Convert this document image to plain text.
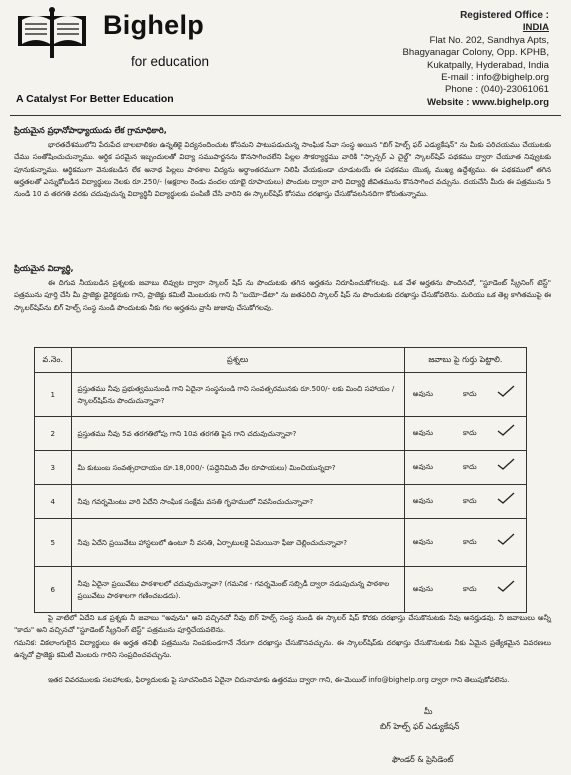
Bighelp
for education
A Catalyst For Better Education
Registered Office :
INDIA
Flat No. 202, Sandhya Apts,
Bhagyanagar Colony, Opp. KPHB,
Kukatpally, Hyderabad, India
E-mail : info@bighelp.org
Phone : (040)-23061061
Website : www.bighelp.org
ప్రియమైన ప్రధానోపాధ్యాయుడు లేక గ్రామాధికారి,
భారతదేశములోని పేరుపేద బాలబాలికల ఉన్నతికై విద్యనందించుట కోసమని పాటుపడుచున్న సాంఘిక సేవా సంస్థ అయిన "బిగ్ హెల్ప్ ఫర్ ఎడ్యుకేషన్" ను మీకు పరిచయము చేయుటకు చేము సంతోషించుచున్నాము. ఆర్థిక పరమైన ఇబ్బందులతో విద్యా సముపార్జనను కొనసాగించలేని పిల్లల సౌకర్యార్థము వారికి "స్పాన్సర్ ఎ చైల్డ్" స్కాలర్‌షిప్ పథకము ద్వారా చేయూత నివ్వుటకు పూనుకున్నాము. ఆర్థికముగా వెనుకబడిన లేక అనాథ పిల్లలు పాఠశాల విద్యను అర్థాంతరముగా నిలిపి వేయకుండా చూడుటయే ఈ పథకము యొక్క ముఖ్య ఉద్దేశ్యము. ఈ పథకములో తగిన అర్హతలతో ఎన్నుకోబడిన విద్యార్థులు నెలకు రూ.250/- (అక్షరాల రెండు వందల యాభై రూపాయలు) పొందుట ద్వారా వారి విద్యార్థి జీవితమును కొనసాగించ వచ్చును. దయచేసి మీరు ఈ పత్రమును 5 నుండి 10 వ తరగతి వరకు చదువుచున్న విద్యార్థినీ విద్యార్థులకు పంపిణీ చేసి వారిని ఈ స్కాలర్‌షిప్ కోసము దరఖాస్తు చేసుకోవలసినదిగా కోరుతున్నాము.
ప్రియమైన విద్యార్థి,
ఈ దిగువ నీయబడిన ప్రశ్నలకు జవాబు లివ్వుట ద్వారా స్కాలర్ షిప్ ను పొందుటకు తగిన అర్హతను నిరూపించుకోగలవు. ఒక వేళ అర్హతను పొందినచో, "స్టూడెంట్ స్క్రీనింగ్ టెస్ట్" పత్రమును పూర్తి చేసి మీ ప్రాజెక్టు డైరెక్టరుకు గాని, ప్రాజెక్టు కమిటీ మెంబరుకు గాని నీ "బయో-డేటా" ను జతపరిచి స్కాలర్ షిప్ ను పొందుటకు దరఖాస్తు చేసుకోవలెను. మరియు ఒక తెల్ల కాగితముపై ఈ స్కాలర్‌షిప్‌ను బిగ్ హెల్ప్ సంస్థ నుండి పొందుటకు నీకు గల అర్హతను వ్రాసి జుజువు చేసుకోగలవు.
వ.నెం.	ప్రశ్నలు	జవాబు పై గుర్తు పెట్టాలి.
1	ప్రస్తుతము నీవు ప్రభుత్వమునుండి గాని ఏదైనా సంస్థనుండి గాని సంవత్సరమునకు రూ.500/- లకు మించి సహాయం / స్కాలర్‌షిప్‌ను పొందుచున్నావా?	అవును కాదు

2	ప్రస్తుతము నీవు 5వ తరగతిలోపు గాని 10వ తరగతి పైన గాని చదువుచున్నావా?	అవును కాదు

3	మీ కుటుంబ సంవత్సరాదాయం రూ.18,000/- (పద్దెనిమిది వేల రూపాయలు) మించియున్నదా?	అవును కాదు

4	నీవు గవర్నమెంటు వారి ఏదేని సాంఘిక సంక్షేమ వసతి గృహములో నివసించుచున్నావా?	అవును కాదు

5	నీవు ఏదేని ప్రయివేటు హాస్టలులో ఉంటూ నీ వసతి, ఏర్పాటులకై ఏమయినా ఫీజు చెల్లించుచున్నావా?	అవును కాదు

6	నీవు ఏదైనా ప్రయివేటు పాఠశాలలో చదువుచున్నావా? (గమనిక - గవర్నమెంట్ సబ్సిడీ ద్వారా నడుపుచున్న పాఠశాల ప్రయివేటు పాఠశాలగా గణించబడదు).	అవును కాదు
పై వాటిలో ఏదేని ఒక ప్రశ్నకు నీ జవాబు "అవును" అని వచ్చినచో నీవు బిగ్ హెల్ప్ సంస్థ నుండి ఈ స్కాలర్ షిప్ కొరకు దరఖాస్తు చేసుకొనుటకు నీవు అనర్హుడవు. నీ జవాబులు అన్నీ "కాదు" అని వచ్చినచో "స్టూడెంట్ స్క్రీనింగ్ టెస్ట్" పత్రమును పూర్తిచేయవలెను.
గమనిక: వికలాంగులైన విద్యార్థులు ఈ అర్హత తనిఖీ పత్రమును నింపకుండగానే నేరుగా దరఖాస్తు చేసుకొనవచ్చును. ఈ స్కాలర్‌షిప్‌కు దరఖాస్తు చేసుకొనుటకు నీకు ఏమైన ప్రత్యేకమైన వివరణలు ఉన్నచో ప్రాజెక్టు కమిటీ మెంబరు గారిని సంప్రదించవచ్చును.
ఇతర వివరములకు సలహాలకు, ఫిర్యాదులకు పై సూచనిందిన ఏదైనా చిరునామాకు ఉత్తరము ద్వారా గాని, ఈ-మెయిల్ info@bighelp.org ద్వారా గాని తెలుపుకోవలెను.
మీ
బిగ్ హెల్ప్ ఫర్ ఎడ్యుకేషన్
ఫౌండర్ & ప్రెసిడెంట్
